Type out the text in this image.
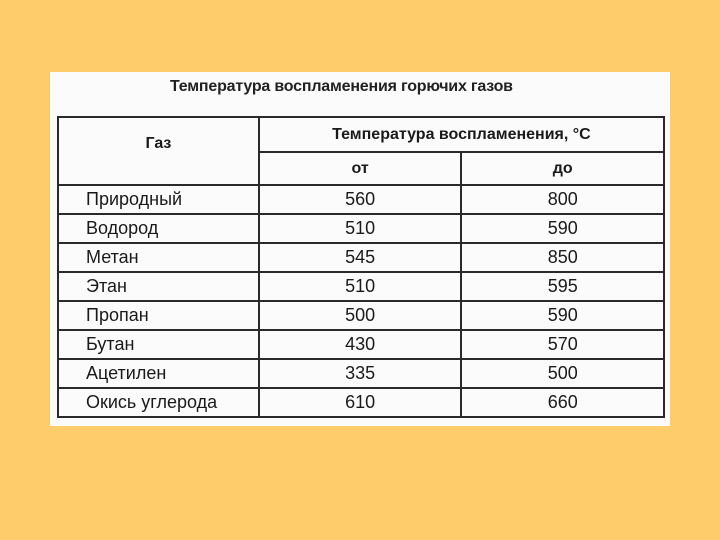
Температура воспламенения горючих газов
Газ	Температура воспламенения, °С	
	от	до
Природный	560	800
Водород	510	590
Метан	545	850
Этан	510	595
Пропан	500	590
Бутан	430	570
Ацетилен	335	500
Окись углерода	610	660
